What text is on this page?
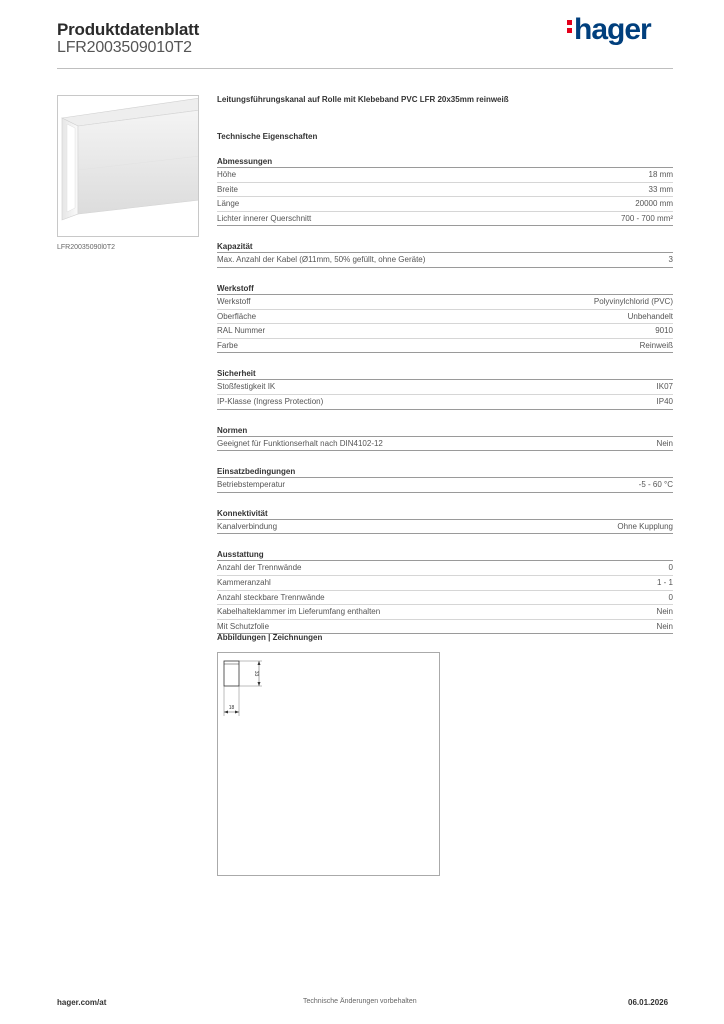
Produktdatenblatt
LFR2003509010T2
hager
LFR20035090l0T2
Leitungsführungskanal auf Rolle mit Klebeband PVC LFR 20x35mm reinweiß
Technische Eigenschaften
Abmessungen
Höhe	18 mm
Breite	33 mm
Länge	20000 mm
Lichter innerer Querschnitt	700 - 700 mm²
Kapazität
Max. Anzahl der Kabel (Ø11mm, 50% gefüllt, ohne Geräte)	3
Werkstoff
Werkstoff	Polyvinylchlorid (PVC)
Oberfläche	Unbehandelt
RAL Nummer	9010
Farbe	Reinweiß
Sicherheit
Stoßfestigkeit IK	IK07
IP-Klasse (Ingress Protection)	IP40
Normen
Geeignet für Funktionserhalt nach DIN4102-12	Nein
Einsatzbedingungen
Betriebstemperatur	-5 - 60 °C
Konnektivität
Kanalverbindung	Ohne Kupplung
Ausstattung
Anzahl der Trennwände	0
Kammeranzahl	1 - 1
Anzahl steckbare Trennwände	0
Kabelhalteklammer im Lieferumfang enthalten	Nein
Mit Schutzfolie	Nein
Abbildungen | Zeichnungen
33
18
hager.com/at	Technische Änderungen vorbehalten	06.01.2026
